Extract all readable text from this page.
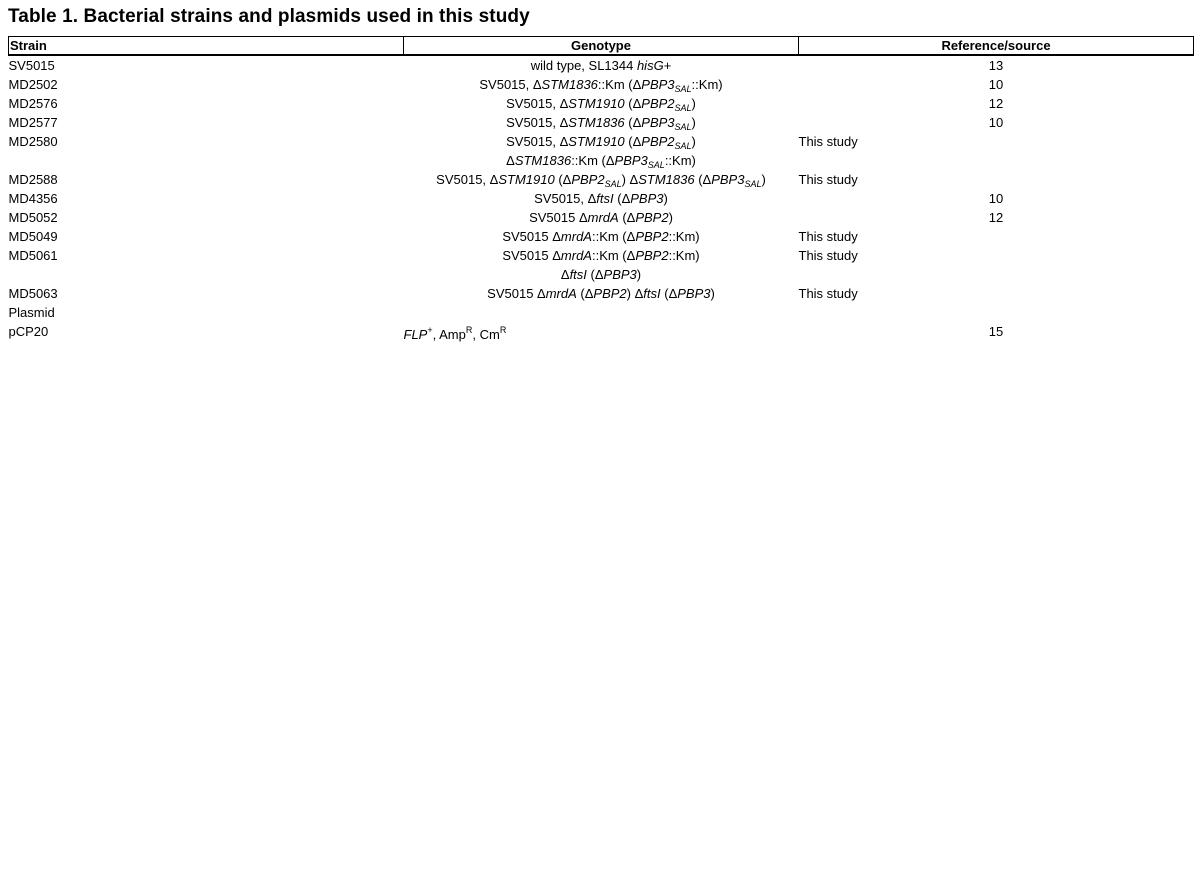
Table 1. Bacterial strains and plasmids used in this study
Strain	Genotype	Reference/source
SV5015	wild type, SL1344 hisG+	13

MD2502	SV5015, ΔSTM1836::Km $(\Delta PBP3_{SAL}::Km)$	10

MD2576	SV5015, ΔSTM1910 $(\Delta PBP2_{SAL})$	12

MD2577	SV5015, ΔSTM1836 $(\Delta PBP3_{SAL})$	10

MD2580	SV5015, ΔSTM1910 $(\Delta PBP2_{SAL})$
ΔSTM1836::Km $(\Delta PBP3_{SAL}::Km)$	This study

MD2588	SV5015, ΔSTM1910 $(\Delta PBP2_{SAL})$ ΔSTM1836 $(\Delta PBP3_{SAL})$	This study

MD4356	SV5015, ΔftsI (ΔPBP3)	10

MD5052	SV5015 ΔmrdA (ΔPBP2)	12

MD5049	SV5015 ΔmrdA::Km (ΔPBP2::Km)	This study

MD5061	SV5015 ΔmrdA::Km (ΔPBP2::Km)
ΔftsI (ΔPBP3)	This study

MD5063	SV5015 ΔmrdA (ΔPBP2) ΔftsI (ΔPBP3)	This study

Plasmid		
pCP20	FLP+, Amp$^R$, $Cm^R$	15
